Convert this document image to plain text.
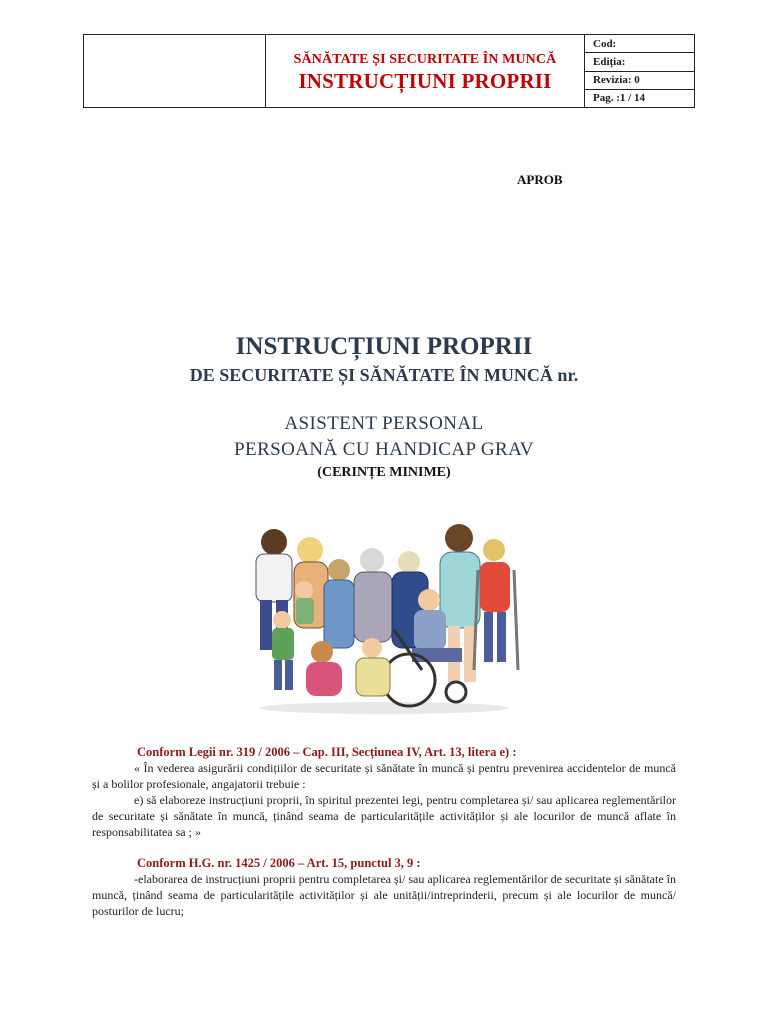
SĂNĂTATE ȘI SECURITATE ÎN MUNCĂ
INSTRUCȚIUNI PROPRII
	Cod:
Ediția:
Revizia: 0
Pag. :1 / 14
APROB
INSTRUCȚIUNI PROPRII
DE SECURITATE ȘI SĂNĂTATE ÎN MUNCĂ nr.
ASISTENT PERSONAL
PERSOANĂ CU HANDICAP GRAV
(CERINȚE MINIME)
Conform Legii nr. 319 / 2006 – Cap. III, Secțiunea IV, Art. 13, litera e) :

« În vederea asigurării condițiilor de securitate și sănătate în muncă și pentru prevenirea accidentelor de muncă și a bolilor profesionale, angajatorii trebuie :

e) să elaboreze instrucțiuni proprii, în spiritul prezentei legi, pentru completarea și/ sau aplicarea reglementărilor de securitate și sănătate în muncă, ținând seama de particularitățile activităților și ale locurilor de muncă aflate în responsabilitatea sa ; »

Conform H.G. nr. 1425 / 2006 – Art. 15, punctul 3, 9 :

-elaborarea de instrucțiuni proprii pentru completarea și/ sau aplicarea reglementărilor de securitate și sănătate în muncă, ținând seama de particularitățile activităților și ale unității/intreprinderii, precum și ale locurilor de muncă/ posturilor de lucru;
